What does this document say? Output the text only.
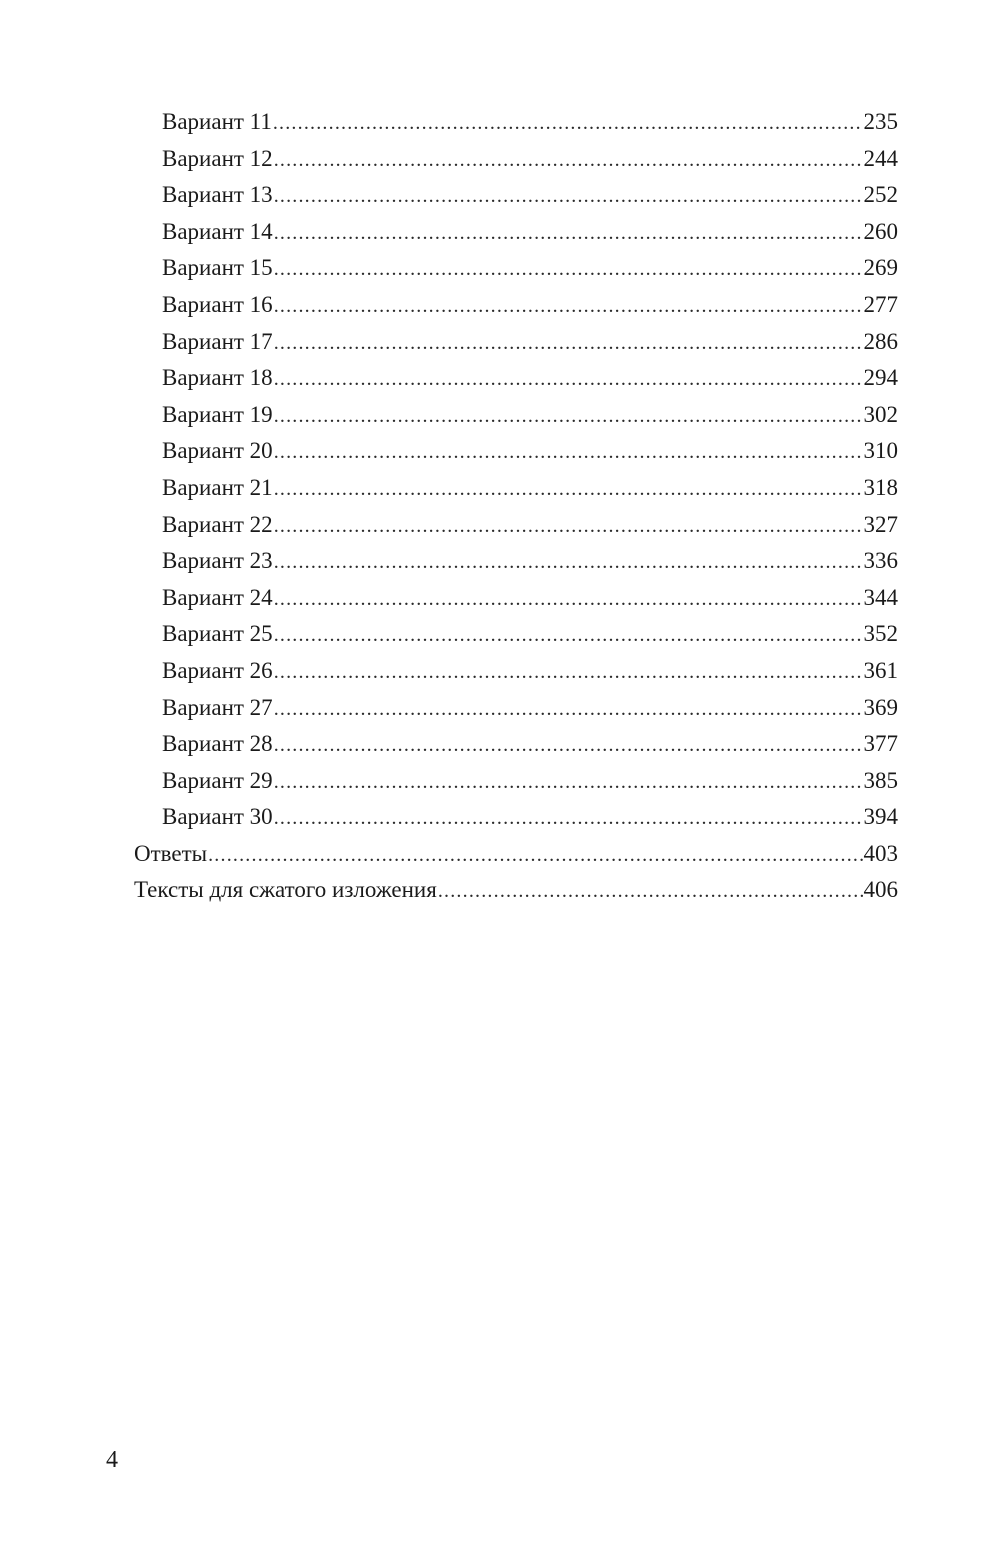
Вариант 11 .....	235
Вариант 12 .....	244
Вариант 13 .....	252
Вариант 14 .....	260
Вариант 15 .....	269
Вариант 16 .....	277
Вариант 17 .....	286
Вариант 18 .....	294
Вариант 19 .....	302
Вариант 20 .....	310
Вариант 21 .....	318
Вариант 22 .....	327
Вариант 23 .....	336
Вариант 24 .....	344
Вариант 25 .....	352
Вариант 26 .....	361
Вариант 27 .....	369
Вариант 28 .....	377
Вариант 29 .....	385
Вариант 30 .....	394
Ответы .....	403
Тексты для сжатого изложения .....	406
4
